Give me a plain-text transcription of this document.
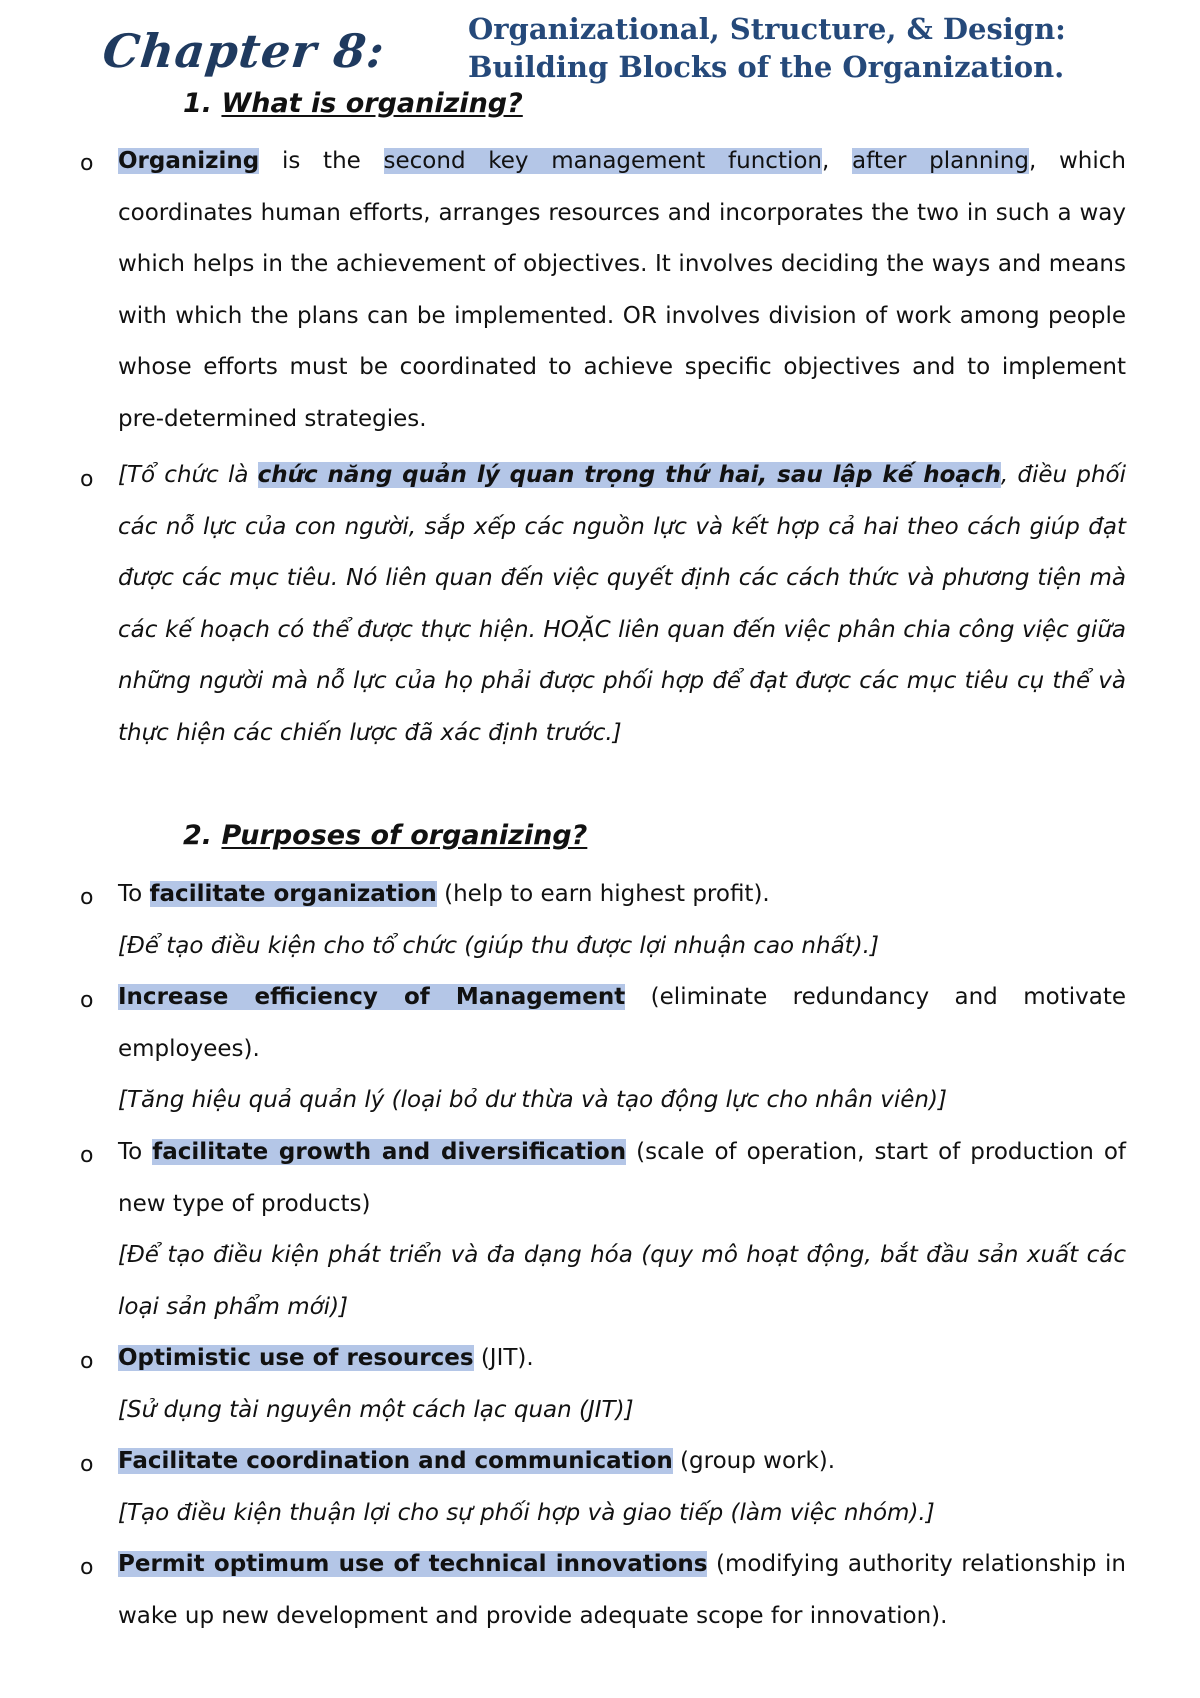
Chapter 8:	Organizational, Structure, & Design:
Building Blocks of the Organization.
1. What is organizing?
o Organizing is the second key management function, after planning, which coordinates human efforts, arranges resources and incorporates the two in such a way which helps in the achievement of objectives. It involves deciding the ways and means with which the plans can be implemented. OR involves division of work among people whose efforts must be coordinated to achieve specific objectives and to implement pre-determined strategies.
o [Tổ chức là chức năng quản lý quan trọng thứ hai, sau lập kế hoạch, điều phối các nỗ lực của con người, sắp xếp các nguồn lực và kết hợp cả hai theo cách giúp đạt được các mục tiêu. Nó liên quan đến việc quyết định các cách thức và phương tiện mà các kế hoạch có thể được thực hiện. HOẶC liên quan đến việc phân chia công việc giữa những người mà nỗ lực của họ phải được phối hợp để đạt được các mục tiêu cụ thể và thực hiện các chiến lược đã xác định trước.]
2. Purposes of organizing?
o To facilitate organization (help to earn highest profit).
[Để tạo điều kiện cho tổ chức (giúp thu được lợi nhuận cao nhất).]
o Increase efficiency of Management (eliminate redundancy and motivate employees).
[Tăng hiệu quả quản lý (loại bỏ dư thừa và tạo động lực cho nhân viên)]
o To facilitate growth and diversification (scale of operation, start of production of new type of products)
[Để tạo điều kiện phát triển và đa dạng hóa (quy mô hoạt động, bắt đầu sản xuất các loại sản phẩm mới)]
o Optimistic use of resources (JIT).
[Sử dụng tài nguyên một cách lạc quan (JIT)]
o Facilitate coordination and communication (group work).
[Tạo điều kiện thuận lợi cho sự phối hợp và giao tiếp (làm việc nhóm).]
o Permit optimum use of technical innovations (modifying authority relationship in wake up new development and provide adequate scope for innovation).
